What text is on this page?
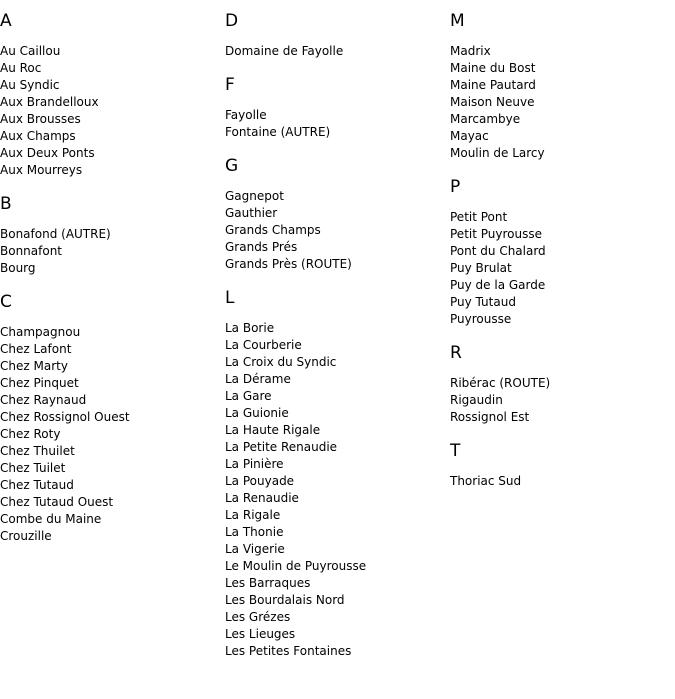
A
Au Caillou
Au Roc
Au Syndic
Aux Brandelloux
Aux Brousses
Aux Champs
Aux Deux Ponts
Aux Mourreys
B
Bonafond (AUTRE)
Bonnafont
Bourg
C
Champagnou
Chez Lafont
Chez Marty
Chez Pinquet
Chez Raynaud
Chez Rossignol Ouest
Chez Roty
Chez Thuilet
Chez Tuilet
Chez Tutaud
Chez Tutaud Ouest
Combe du Maine
Crouzille
D
Domaine de Fayolle
F
Fayolle
Fontaine (AUTRE)
G
Gagnepot
Gauthier
Grands Champs
Grands Prés
Grands Près (ROUTE)
L
La Borie
La Courberie
La Croix du Syndic
La Dérame
La Gare
La Guionie
La Haute Rigale
La Petite Renaudie
La Pinière
La Pouyade
La Renaudie
La Rigale
La Thonie
La Vigerie
Le Moulin de Puyrousse
Les Barraques
Les Bourdalais Nord
Les Grézes
Les Lieuges
Les Petites Fontaines
M
Madrix
Maine du Bost
Maine Pautard
Maison Neuve
Marcambye
Mayac
Moulin de Larcy
P
Petit Pont
Petit Puyrousse
Pont du Chalard
Puy Brulat
Puy de la Garde
Puy Tutaud
Puyrousse
R
Ribérac (ROUTE)
Rigaudin
Rossignol Est
T
Thoriac Sud
